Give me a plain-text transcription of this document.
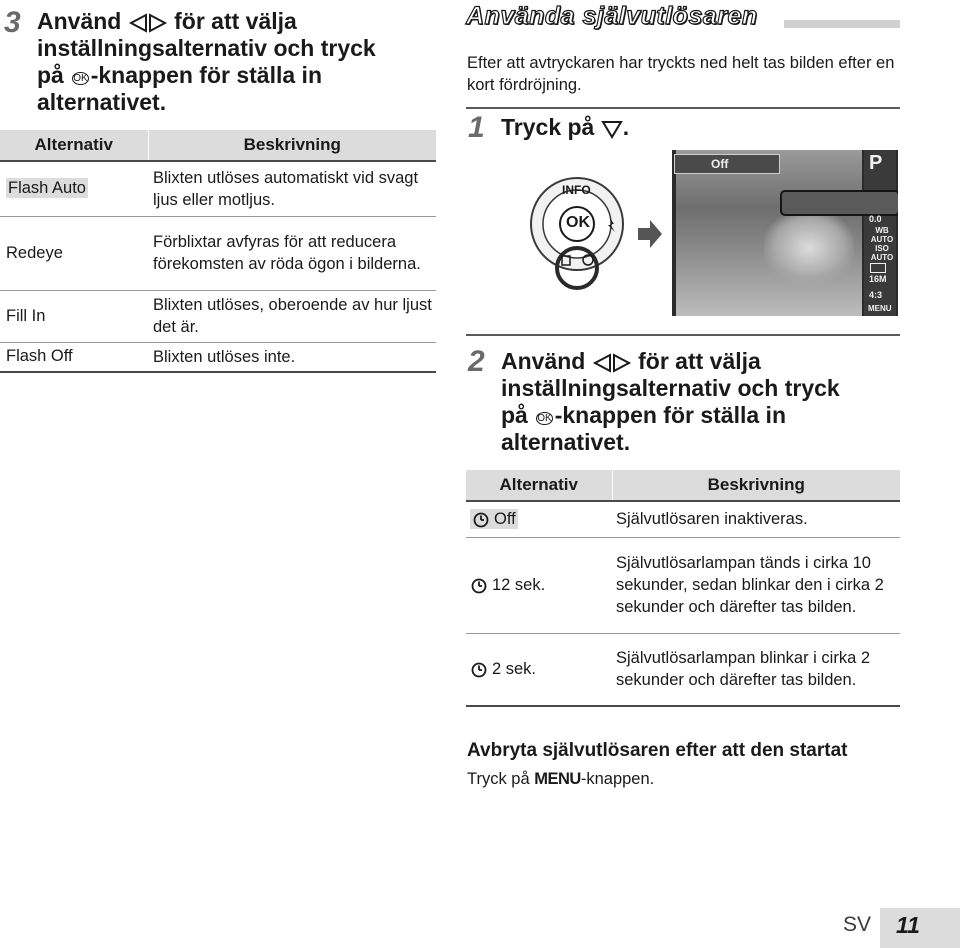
3 Använd för att välja
inställningsalternativ och tryck
på OK -knappen för ställa in
alternativet.
Alternativ	Beskrivning
Flash Auto	Blixten utlöses automatiskt vid svagt ljus eller motljus.
Redeye	Förblixtar avfyras för att reducera förekomsten av röda ögon i bilderna.
Fill In	Blixten utlöses, oberoende av hur ljust det är.
Flash Off	Blixten utlöses inte.
Använda självutlösaren
Efter att avtryckaren har tryckts ned helt tas bilden efter en kort fördröjning.
1 Tryck på .
INFO
OK
Off	P
0.0
WB AUTO
ISO AUTO
16M
4:3
MENU
2 Använd för att välja
inställningsalternativ och tryck
på OK -knappen för ställa in
alternativet.
Alternativ	Beskrivning
Off	Självutlösaren inaktiveras.
12 sek.	Självutlösarlampan tänds i cirka 10 sekunder, sedan blinkar den i cirka 2 sekunder och därefter tas bilden.
2 sek.	Självutlösarlampan blinkar i cirka 2 sekunder och därefter tas bilden.
Avbryta självutlösaren efter att den startat
Tryck på MENU-knappen.
SV 11
